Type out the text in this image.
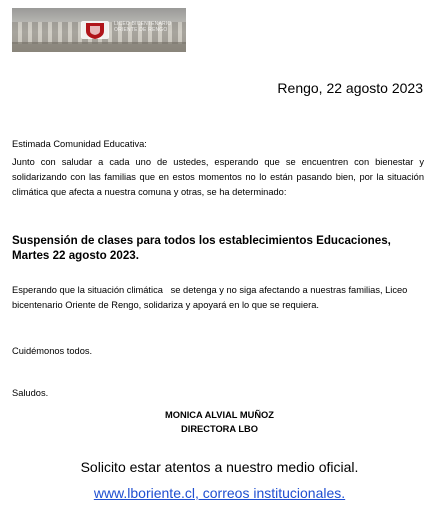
LICEO BICENTENARIO
ORIENTE DE RENGO
Rengo, 22 agosto 2023
Estimada Comunidad Educativa:
Junto con saludar a cada uno de ustedes, esperando que se encuentren con bienestar y solidarizando con las familias que en estos momentos no lo están pasando bien, por la situación climática que afecta a nuestra comuna y otras, se ha determinado:
Suspensión de clases para todos los establecimientos Educaciones, Martes 22 agosto 2023.
Esperando que la situación climática   se detenga y no siga afectando a nuestras familias, Liceo bicentenario Oriente de Rengo, solidariza y apoyará en lo que se requiera.
Cuidémonos todos.
Saludos.
MONICA ALVIAL MUÑOZ
DIRECTORA LBO
Solicito estar atentos a nuestro medio oficial.
www.lboriente.cl, correos institucionales.
